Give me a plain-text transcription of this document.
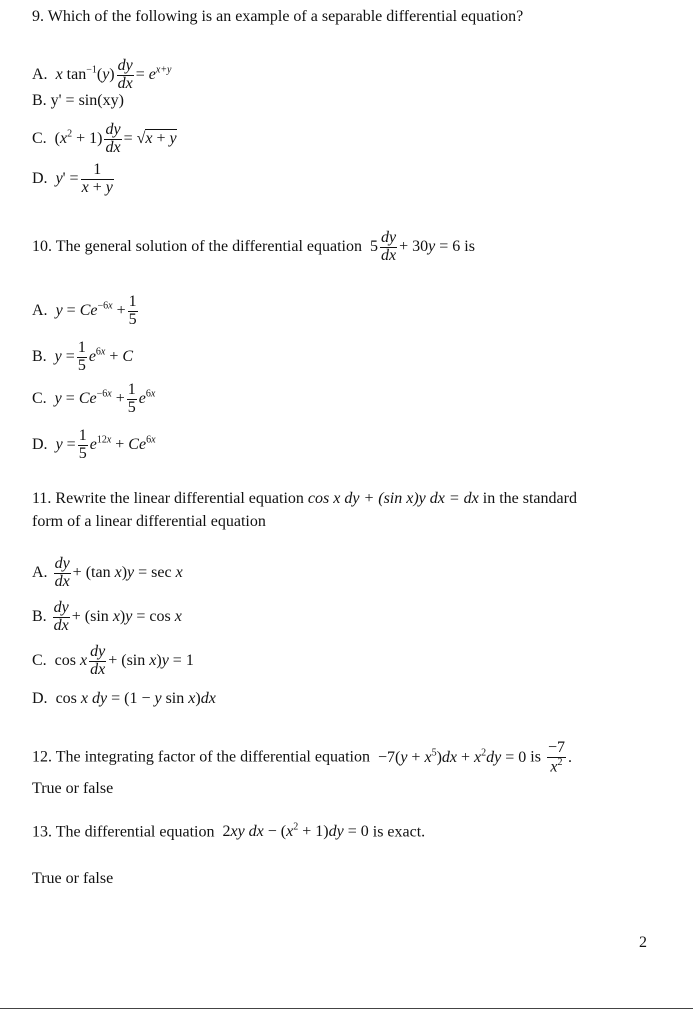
9. Which of the following is an example of a separable differential equation?
A. x $\tan^{-1}(y) \frac{dy}{dx} = e^{x+y}$
B. y' = sin(xy)
C.  $(x^2 + 1) \frac{dy}{dx} = √x + y$
D. $y' = \frac{1}{x + y}$
10. The general solution of the differential equation  $5 \frac{dy}{dx} + 30y = 6$ is
A. $y = Ce^{-6x} + \frac{1}{5}$
B. $y = \frac{1}{5} e^{6x} + C$
C. $y = Ce^{-6x} + \frac{1}{5} e^{6x}$
D. $y = \frac{1}{5} e^{12x} + Ce^{6x}$
11. Rewrite the linear differential equation cos x dy + (sin x)y dx = dx in the standard
form of a linear differential equation
A. $\frac{dy}{dx} + (\tan$ x)y = sec x
B. $\frac{dy}{dx} + (\sin$ x)y = cos x
C.  cos x $\frac{dy}{dx} + (\sin$ x)y = 1
D.  cos x dy = (1 − y sin x)dx
12. The integrating factor of the differential equation  $-7(y + x^5)dx + x^2dy = 0$ is $\frac{-7}{x^2}$ .
True or false
13. The differential equation  2xy dx − $(x^2 + 1)dy = 0$ is exact.
True or false
2
